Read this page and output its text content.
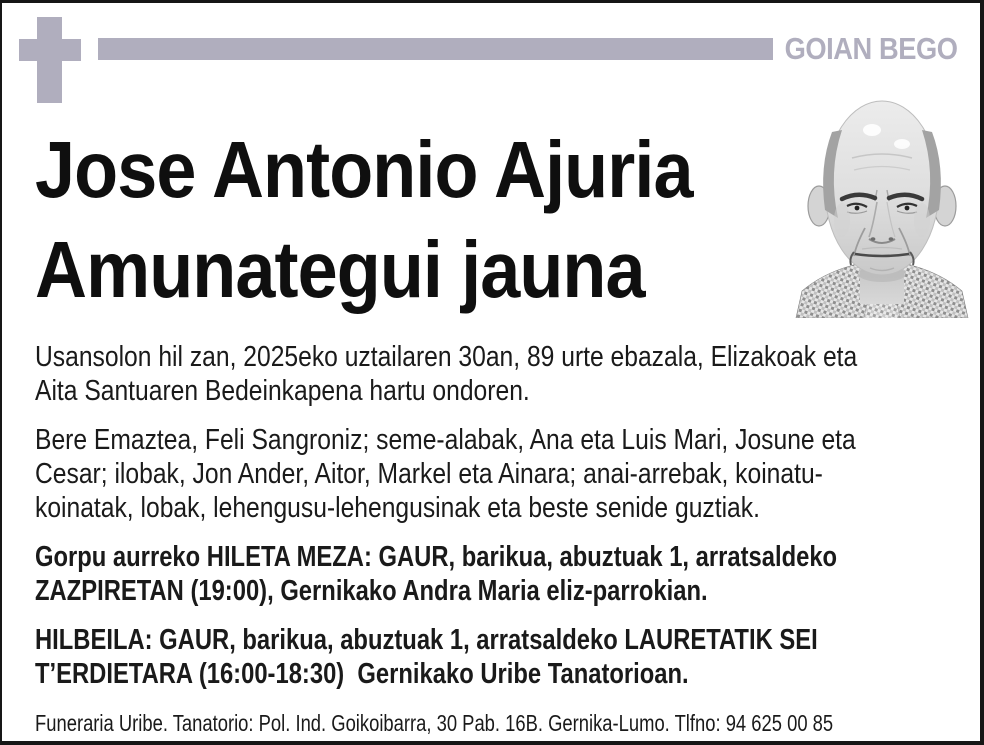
GOIAN BEGO
Jose Antonio Ajuria
Amunategui jauna
Usansolon hil zan, 2025eko uztailaren 30an, 89 urte ebazala, Elizakoak eta
Aita Santuaren Bedeinkapena hartu ondoren.
Bere Emaztea, Feli Sangroniz; seme-alabak, Ana eta Luis Mari, Josune eta
Cesar; ilobak, Jon Ander, Aitor, Markel eta Ainara; anai-arrebak, koinatu-
koinatak, lobak, lehengusu-lehengusinak eta beste senide guztiak.
Gorpu aurreko HILETA MEZA: GAUR, barikua, abuztuak 1, arratsaldeko
ZAZPIRETAN (19:00), Gernikako Andra Maria eliz-parrokian.
HILBEILA: GAUR, barikua, abuztuak 1, arratsaldeko LAURETATIK SEI
T’ERDIETARA (16:00-18:30)  Gernikako Uribe Tanatorioan.
Funeraria Uribe. Tanatorio: Pol. Ind. Goikoibarra, 30 Pab. 16B. Gernika-Lumo. Tlfno: 94 625 00 85
